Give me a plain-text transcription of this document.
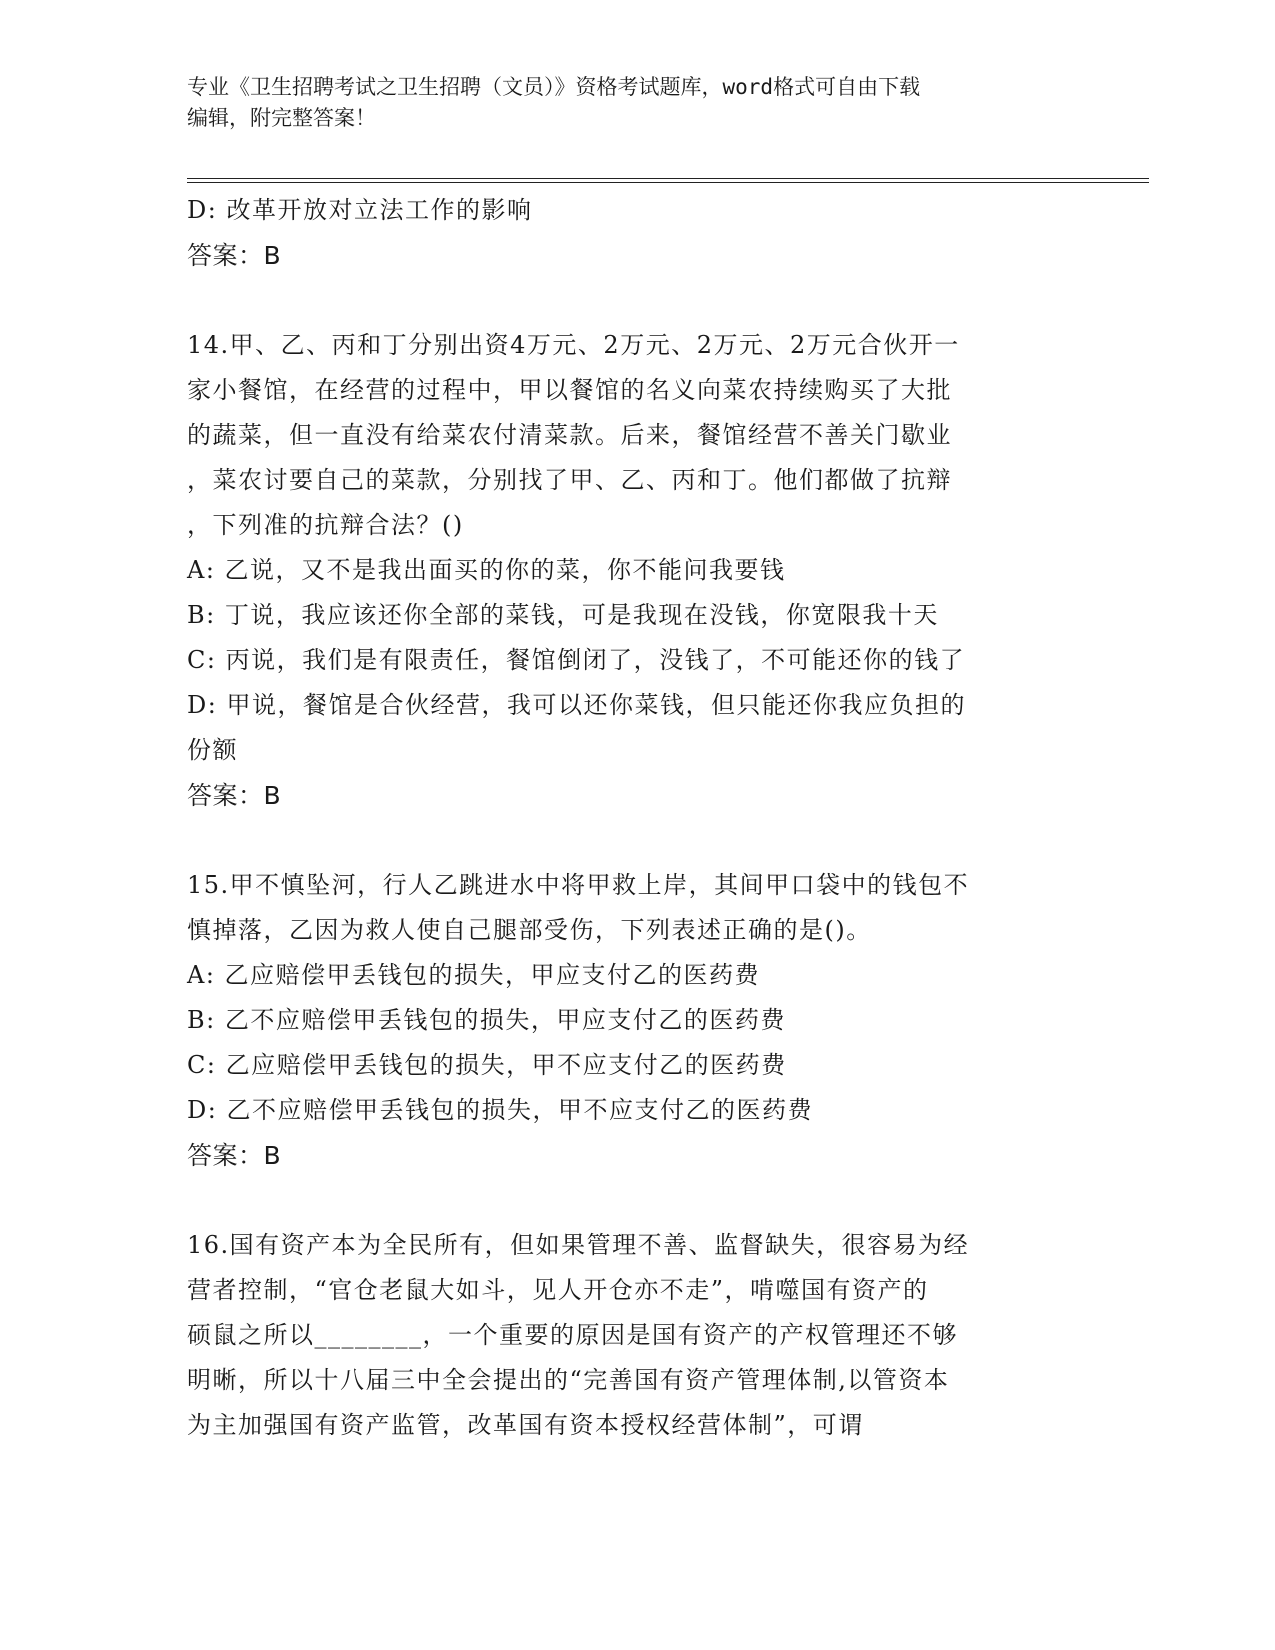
专业《卫生招聘考试之卫生招聘（文员）》资格考试题库，word格式可自由下载
编辑，附完整答案！
D: 改革开放对立法工作的影响
答案：B
14.甲、乙、丙和丁分别出资4万元、2万元、2万元、2万元合伙开一
家小餐馆，在经营的过程中，甲以餐馆的名义向菜农持续购买了大批
的蔬菜，但一直没有给菜农付清菜款。后来，餐馆经营不善关门歇业
，菜农讨要自己的菜款，分别找了甲、乙、丙和丁。他们都做了抗辩
，下列准的抗辩合法？()
A: 乙说，又不是我出面买的你的菜，你不能问我要钱
B: 丁说，我应该还你全部的菜钱，可是我现在没钱，你宽限我十天
C: 丙说，我们是有限责任，餐馆倒闭了，没钱了，不可能还你的钱了
D: 甲说，餐馆是合伙经营，我可以还你菜钱，但只能还你我应负担的
份额
答案：B
15.甲不慎坠河，行人乙跳进水中将甲救上岸，其间甲口袋中的钱包不
慎掉落，乙因为救人使自己腿部受伤，下列表述正确的是()。
A: 乙应赔偿甲丢钱包的损失，甲应支付乙的医药费
B: 乙不应赔偿甲丢钱包的损失，甲应支付乙的医药费
C: 乙应赔偿甲丢钱包的损失，甲不应支付乙的医药费
D: 乙不应赔偿甲丢钱包的损失，甲不应支付乙的医药费
答案：B
16.国有资产本为全民所有，但如果管理不善、监督缺失，很容易为经
营者控制，“官仓老鼠大如斗，见人开仓亦不走”，啃噬国有资产的
硕鼠之所以________，一个重要的原因是国有资产的产权管理还不够
明晰，所以十八届三中全会提出的“完善国有资产管理体制,以管资本
为主加强国有资产监管，改革国有资本授权经营体制”，可谓
